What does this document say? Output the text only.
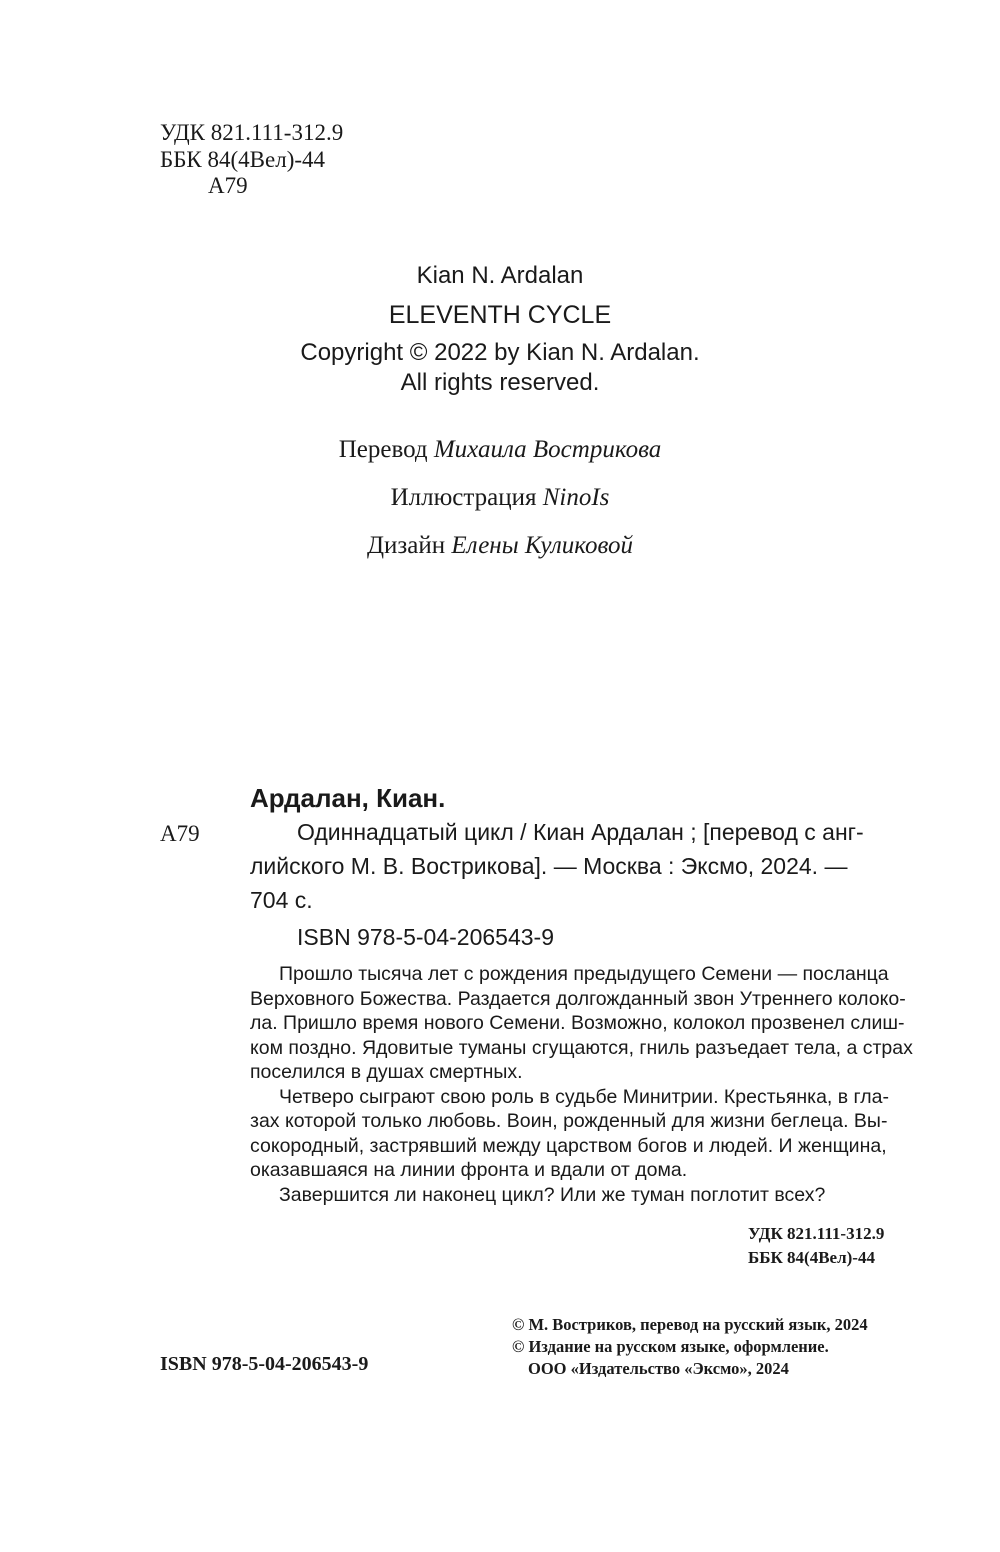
УДК 821.111-312.9
ББК 84(4Вел)-44
А79
Kian N. Ardalan
ELEVENTH CYCLE
Copyright © 2022 by Kian N. Ardalan.
All rights reserved.
Перевод Михаила Вострикова
Иллюстрация NinoIs
Дизайн Елены Куликовой
Ардалан, Киан.
А79	Одиннадцатый цикл / Киан Ардалан ; [перевод с анг-
лийского М. В. Вострикова]. — Москва : Эксмо, 2024. —
704 с.
ISBN 978-5-04-206543-9

Прошло тысяча лет с рождения предыдущего Семени — посланца

Верховного Божества. Раздается долгожданный звон Утреннего колоко-

ла. Пришло время нового Семени. Возможно, колокол прозвенел слиш-

ком поздно. Ядовитые туманы сгущаются, гниль разъедает тела, а страх

поселился в душах смертных.

Четверо сыграют свою роль в судьбе Минитрии. Крестьянка, в гла-

зах которой только любовь. Воин, рожденный для жизни беглеца. Вы-

сокородный, застрявший между царством богов и людей. И женщина,

оказавшаяся на линии фронта и вдали от дома.

Завершится ли наконец цикл? Или же туман поглотит всех?

УДК 821.111-312.9
ББК 84(4Вел)-44
ISBN 978-5-04-206543-9
© М. Востриков, перевод на русский язык, 2024
© Издание на русском языке, оформление.
ООО «Издательство «Эксмо», 2024
